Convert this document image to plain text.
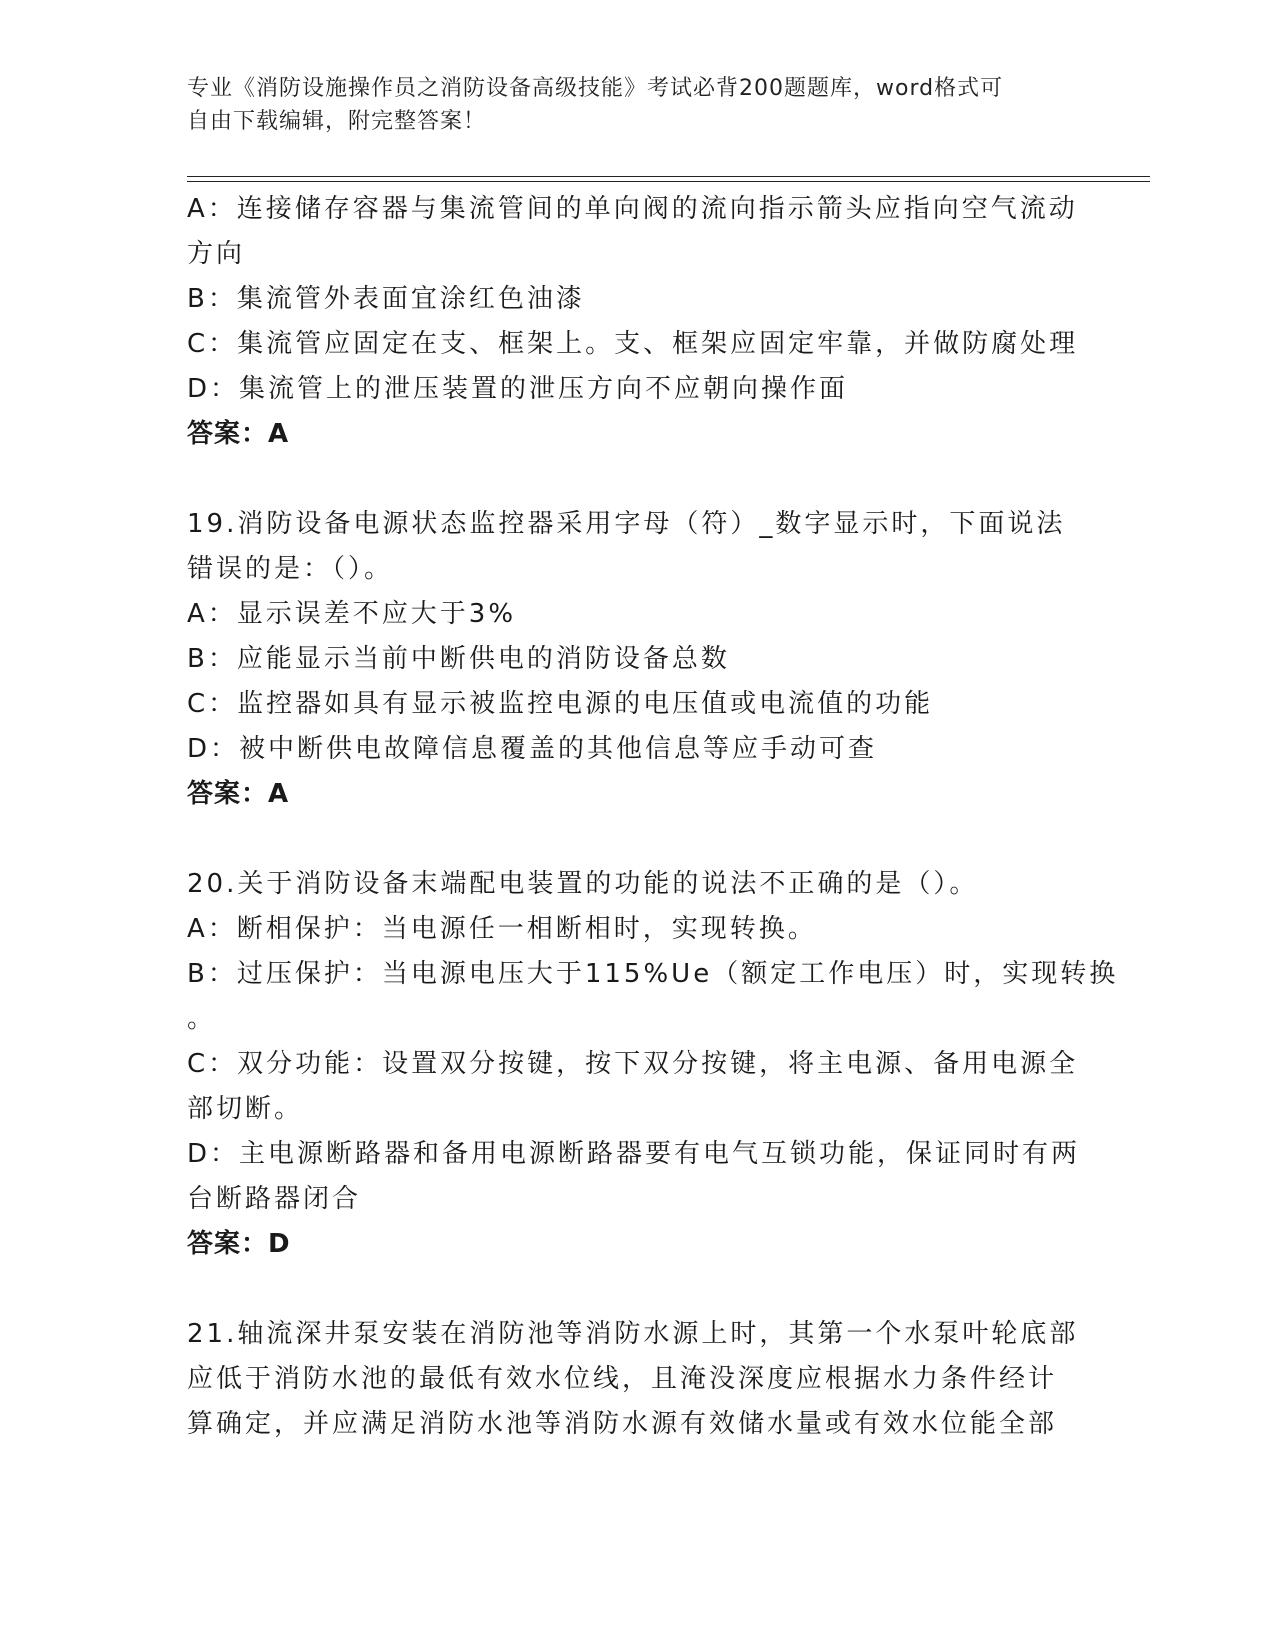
专业《消防设施操作员之消防设备高级技能》考试必背200题题库，word格式可
自由下载编辑，附完整答案！
A：连接储存容器与集流管间的单向阀的流向指示箭头应指向空气流动
方向
B：集流管外表面宜涂红色油漆
C：集流管应固定在支、框架上。支、框架应固定牢靠，并做防腐处理
D：集流管上的泄压装置的泄压方向不应朝向操作面
答案：A
19.消防设备电源状态监控器采用字母（符）_数字显示时，下面说法
错误的是：（）。
A：显示误差不应大于3%
B：应能显示当前中断供电的消防设备总数
C：监控器如具有显示被监控电源的电压值或电流值的功能
D：被中断供电故障信息覆盖的其他信息等应手动可查
答案：A
20.关于消防设备末端配电装置的功能的说法不正确的是（）。
A：断相保护：当电源任一相断相时，实现转换。
B：过压保护：当电源电压大于115%Ue（额定工作电压）时，实现转换
。
C：双分功能：设置双分按键，按下双分按键，将主电源、备用电源全
部切断。
D：主电源断路器和备用电源断路器要有电气互锁功能，保证同时有两
台断路器闭合
答案：D
21.轴流深井泵安装在消防池等消防水源上时，其第一个水泵叶轮底部
应低于消防水池的最低有效水位线，且淹没深度应根据水力条件经计
算确定，并应满足消防水池等消防水源有效储水量或有效水位能全部
